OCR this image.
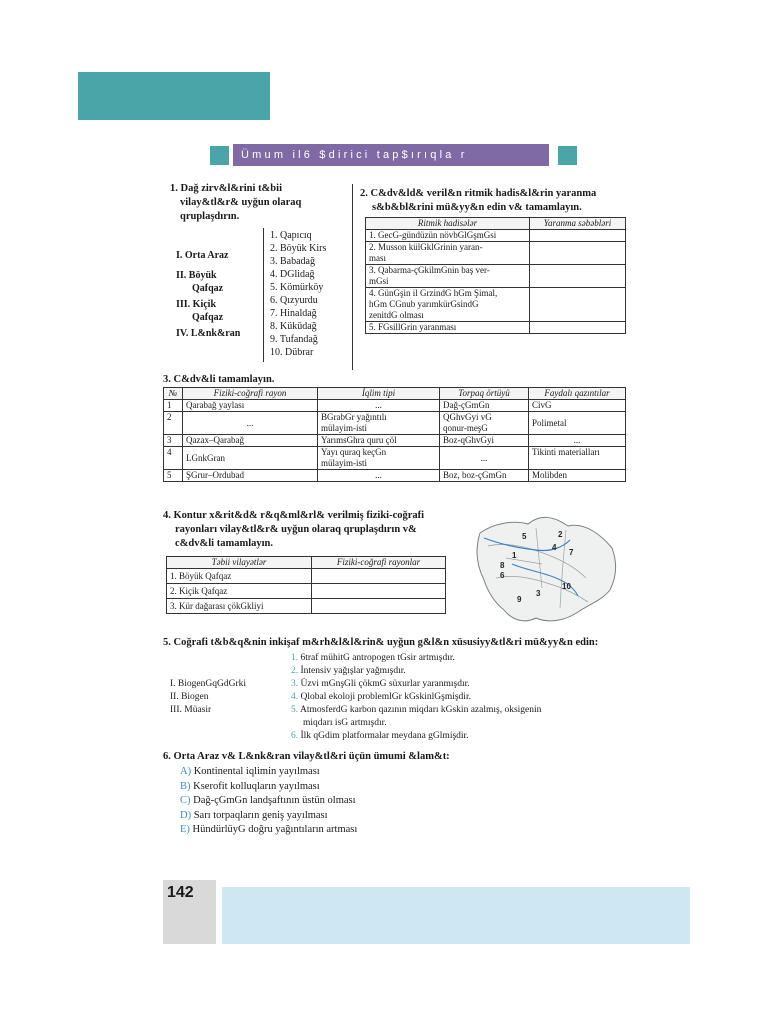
Ümum il6 $dirici tap$ırıqla r
1. Dağ zirv&l&rini t&bii
vilay&tl&r& uyğun olaraq
qruplaşdırın.
I. Orta Araz
II. Böyük
Qafqaz
III. Kiçik
Qafqaz
IV. L&nk&ran
1. Qapıcıq
2. Böyük Kirs
3. Babadağ
4. DGlidağ
5. Kömürköy
6. Qızyurdu
7. Hinaldağ
8. Kükūdağ
9. Tufandağ
10. Dübrar
2. C&dv&ld& veril&n ritmik hadis&l&rin yaranma
s&b&bl&rini mü&yy&n edin v& tamamlayın.
Ritmik hadisələr	Yaranma səbəbləri
1. GecG-gündüzün növbGlGşmGsi	
2. Musson külGklGrinin yaran-
ması	
3. Qabarma-çGkilmGnin baş ver-
mGsi	
4. GünGşin il GrzindG hGm Şimal,
hGm CGnub yarımkürGsindG
zenitdG olması	
5. FGsillGrin yaranması	
3. C&dv&li tamamlayın.
№	Fiziki-coğrafi rayon	İqlim tipi	Torpaq örtüyü	Faydalı qazıntılar
1	Qarabağ yaylası	...	Dağ-çGmGn	CivG
2	...	BGrabGr yağıntılı
mülayim-isti	QGhvGyi vG
qonur-meşG	Polimetal
3	Qazax–Qarabağ	YarımsGhra quru çöl	Boz-qGhvGyi	...
4	LGnkGran	Yayı quraq keçGn
mülayim-isti	...	Tikinti materialları
5	ŞGrur–Ordubad	...	Boz, boz-çGmGn	Molibden
4. Kontur x&rit&d& r&q&ml&rl& verilmiş fiziki-coğrafi
rayonları vilay&tl&r& uyğun olaraq qruplaşdırın v&
c&dv&li tamamlayın.
Təbii vilayətlər	Fiziki-coğrafi rayonlar
1. Böyük Qafqaz	
2. Kiçik Qafqaz	
3. Kür dağarası çökGkliyi	
5	2
4
7
1
8
6
10
3
9
5. Coğrafi t&b&q&nin inkişaf m&rh&l&l&rin& uyğun g&l&n xüsusiyy&tl&ri mü&yy&n edin:
I. BiogenGqGdGrki
II. Biogen
III. Müasir
1. 6traf mühitG antropogen tGsir artmışdır.
2. İntensiv yağışlar yağmışdır.
3. Üzvi mGnşGli çökmG süxurlar yaranmışdır.
4. Qlobal ekoloji problemlGr kGskinlGşmişdir.
5. AtmosferdG karbon qazının miqdarı kGskin azalmış, oksigenin
miqdarı isG artmışdır.
6. İlk qGdim platformalar meydana gGlmişdir.
6. Orta Araz v& L&nk&ran vilay&tl&ri üçün ümumi &lam&t:
A) Kontinental iqlimin yayılması
B) Kserofit kolluqların yayılması
C) Dağ-çGmGn landşaftının üstün olması
D) Sarı torpaqların geniş yayılması
E) HündürlüyG doğru yağıntıların artması
142
